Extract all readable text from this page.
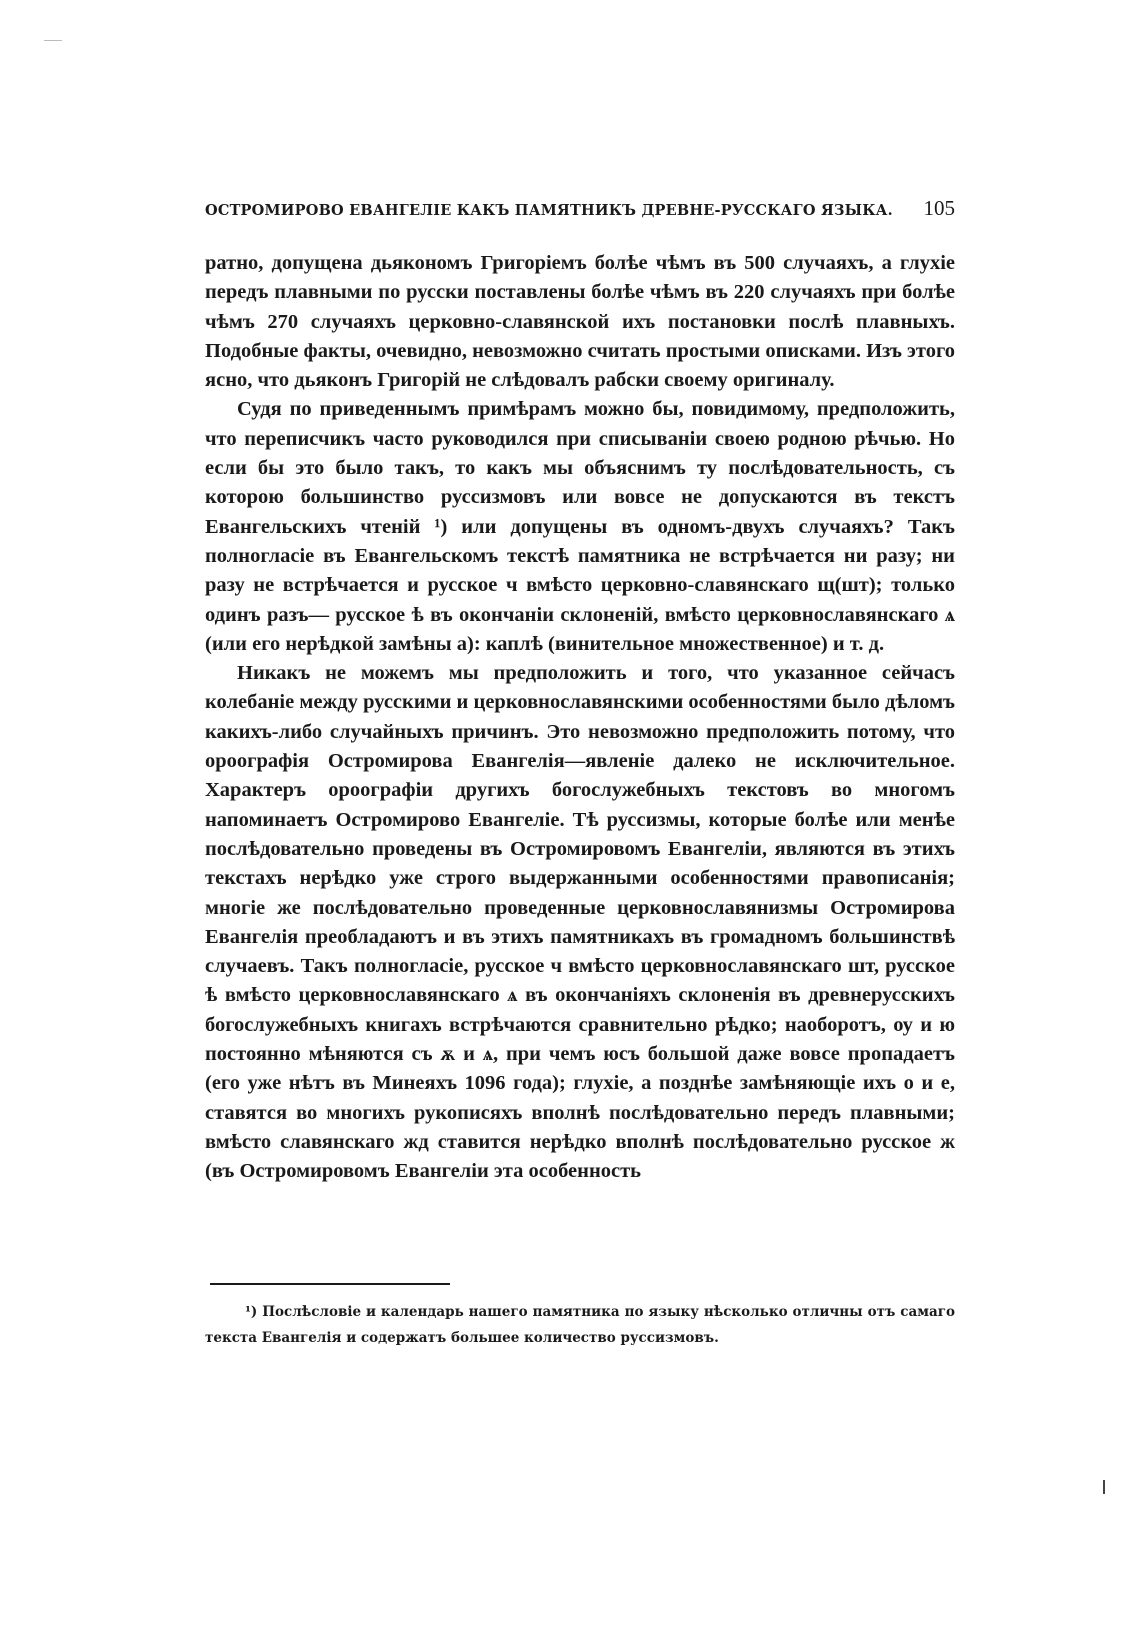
ОСТРОМИРОВО ЕВАНГЕЛІЕ КАКЪ ПАМЯТНИКЪ ДРЕВНЕ-РУССКАГО ЯЗЫКА. 105

ратно, допущена дьякономъ Григоріемъ болѣе чѣмъ въ 500 случаяхъ, а глухіе передъ плавными по русски поставлены болѣе чѣмъ въ 220 случаяхъ при болѣе чѣмъ 270 случаяхъ церковно-славянской ихъ постановки послѣ плавныхъ. Подобные факты, очевидно, невозможно считать простыми описками. Изъ этого ясно, что дьяконъ Григорій не слѣдовалъ рабски своему оригиналу.

Судя по приведеннымъ примѣрамъ можно бы, повидимому, предположить, что переписчикъ часто руководился при списываніи своею родною рѣчью. Но если бы это было такъ, то какъ мы объяснимъ ту послѣдовательность, съ которою большинство руссизмовъ или вовсе не допускаются въ текстъ Евангельскихъ чтеній ¹) или допущены въ одномъ-двухъ случаяхъ? Такъ полногласіе въ Евангельскомъ текстѣ памятника не встрѣчается ни разу; ни разу не встрѣчается и русское ч вмѣсто церковно-славянскаго щ(шт); только одинъ разъ— русское ѣ въ окончаніи склоненій, вмѣсто церковнославянскаго ѧ (или его нерѣдкой замѣны а): каплѣ (винительное множественное) и т. д.

Никакъ не можемъ мы предположить и того, что указанное сейчасъ колебаніе между русскими и церковнославянскими особенностями было дѣломъ какихъ-либо случайныхъ причинъ. Это невозможно предположить потому, что ороографія Остромирова Евангелія—явленіе далеко не исключительное. Характеръ ороографіи другихъ богослужебныхъ текстовъ во многомъ напоминаетъ Остромирово Евангеліе. Тѣ руссизмы, которые болѣе или менѣе послѣдовательно проведены въ Остромировомъ Евангеліи, являются въ этихъ текстахъ нерѣдко уже строго выдержанными особенностями правописанія; многіе же послѣдовательно проведенные церковнославянизмы Остромирова Евангелія преобладаютъ и въ этихъ памятникахъ въ громадномъ большинствѣ случаевъ. Такъ полногласіе, русское ч вмѣсто церковнославянскаго шт, русское ѣ вмѣсто церковнославянскаго ѧ въ окончаніяхъ склоненія въ древнерусскихъ богослужебныхъ книгахъ встрѣчаются сравнительно рѣдко; наоборотъ, оу и ю постоянно мѣняются съ ѫ и ѧ, при чемъ юсъ большой даже вовсе пропадаетъ (его уже нѣтъ въ Минеяхъ 1096 года); глухіе, а позднѣе замѣняющіе ихъ о и е, ставятся во многихъ рукописяхъ вполнѣ послѣдовательно передъ плавными; вмѣсто славянскаго жд ставится нерѣдко вполнѣ послѣдовательно русское ж (въ Остромировомъ Евангеліи эта особенность

¹) Послѣсловіе и календарь нашего памятника по языку нѣсколько отличны отъ самаго текста Евангелія и содержатъ большее количество руссизмовъ.
